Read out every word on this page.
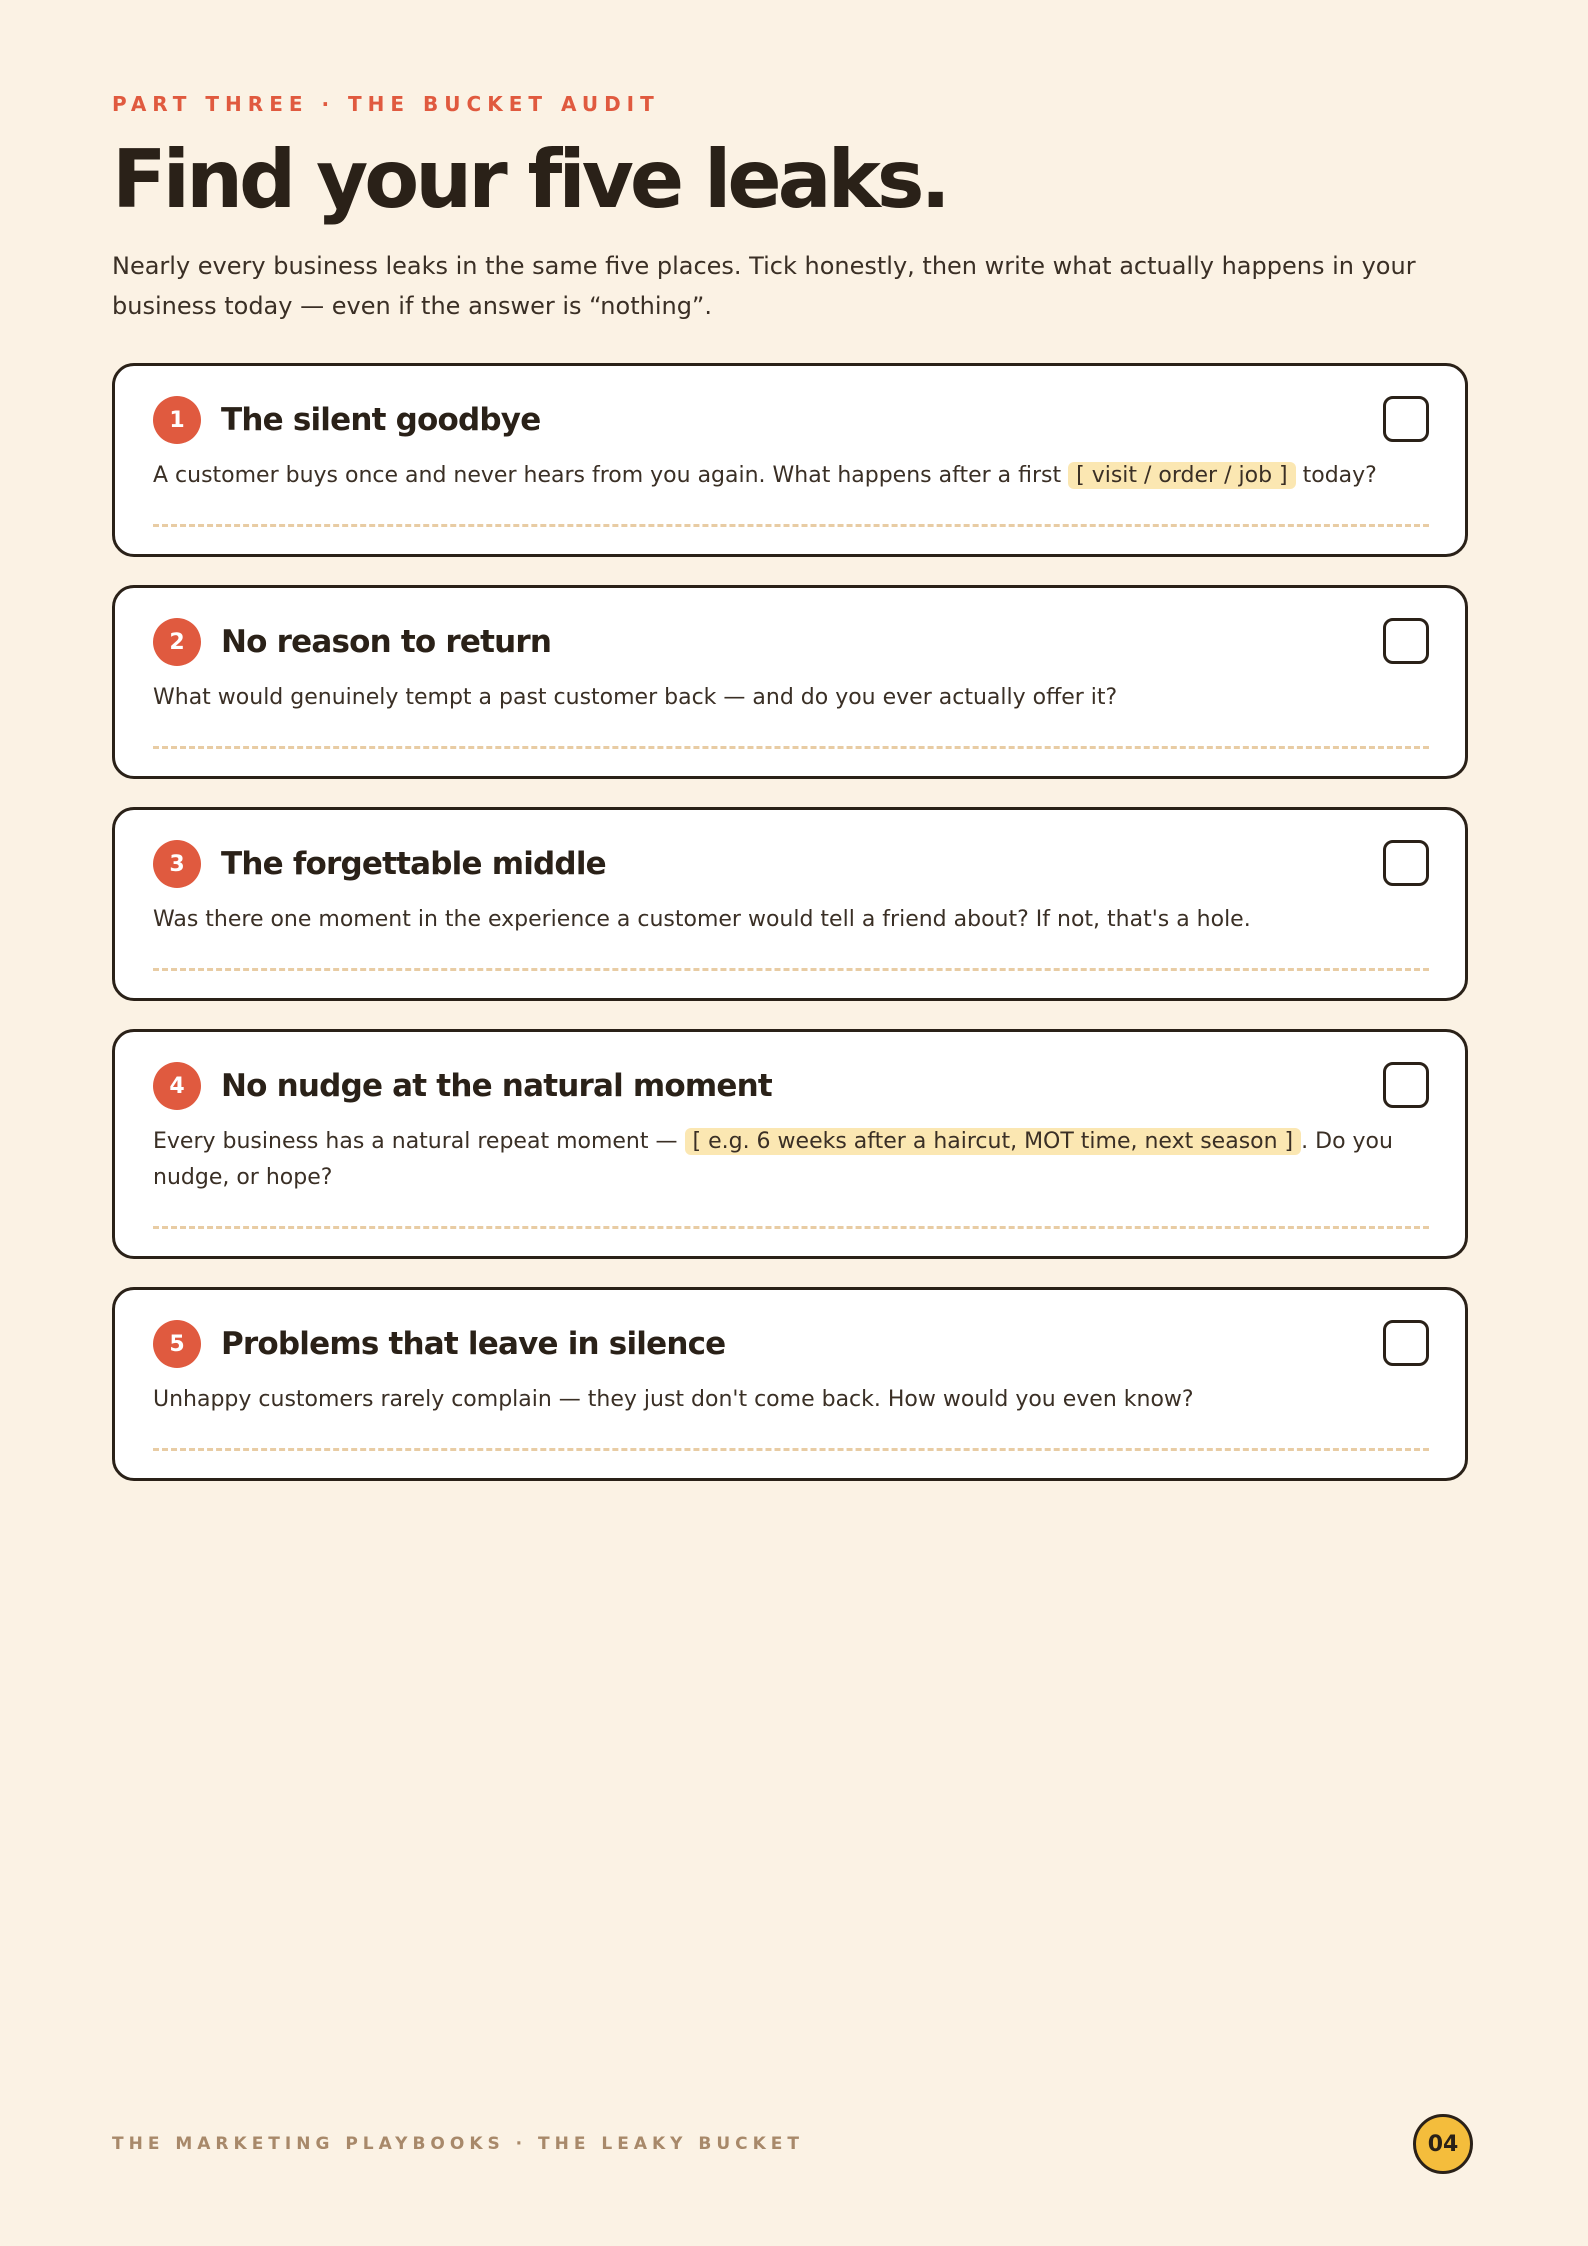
PART THREE · THE BUCKET AUDIT
Find your five leaks.

Nearly every business leaks in the same five places. Tick honestly, then write what actually happens in your business today — even if the answer is “nothing”.

1	The silent goodbye
A customer buys once and never hears from you again. What happens after a first [ visit / order / job ] today?
2	No reason to return
What would genuinely tempt a past customer back — and do you ever actually offer it?
3	The forgettable middle
Was there one moment in the experience a customer would tell a friend about? If not, that's a hole.
4	No nudge at the natural moment
Every business has a natural repeat moment — [ e.g. 6 weeks after a haircut, MOT time, next season ] . Do you nudge, or hope?
5	Problems that leave in silence
Unhappy customers rarely complain — they just don't come back. How would you even know?
THE MARKETING PLAYBOOKS · THE LEAKY BUCKET	04
